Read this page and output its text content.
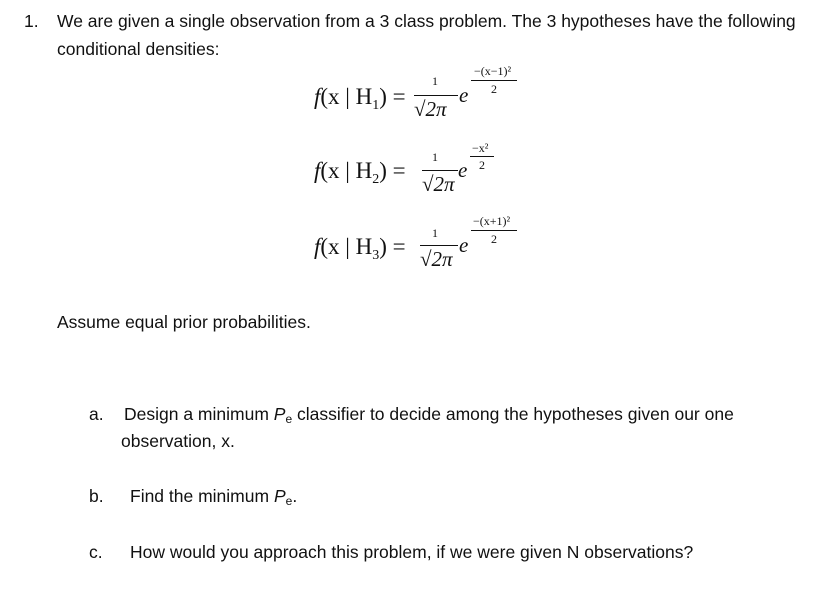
1. We are given a single observation from a 3 class problem. The 3 hypotheses have the following
conditional densities:
f(x | $H_1$) =
1
√2π
e
−(x−1)²
2
f(x | $H_2$) =
1
√2π
e
−x²
2
f(x | $H_3$) =
1
√2π
e
−(x+1)²
2
Assume equal prior probabilities.
a. Design a minimum $P_e$ classifier to decide among the hypotheses given our one
observation, x.
b. Find the minimum $P_e$.
c. How would you approach this problem, if we were given N observations?
